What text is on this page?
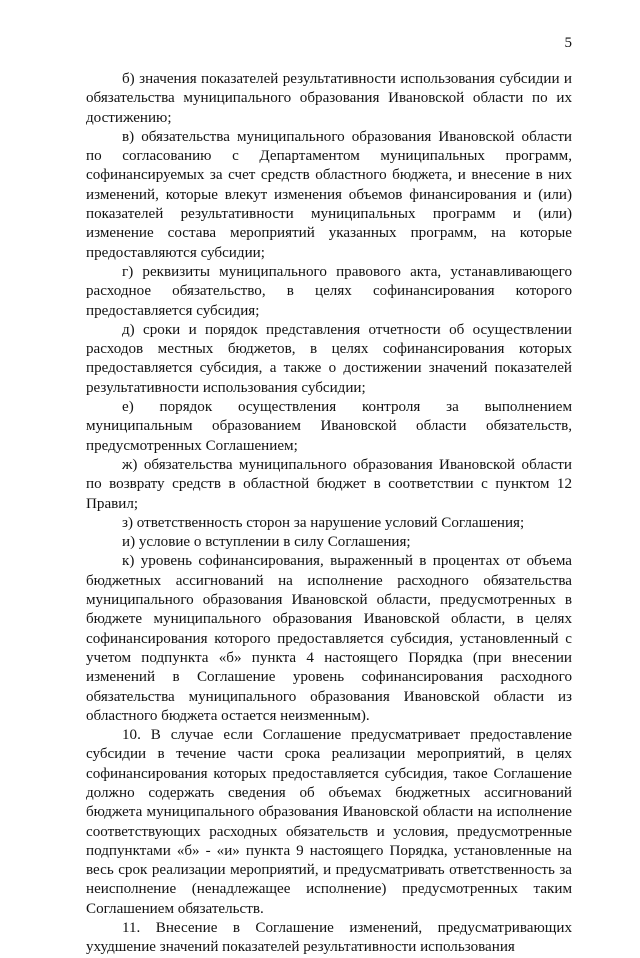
5

б) значения показателей результативности использования субсидии и обязательства муниципального образования Ивановской области по их достижению;

в) обязательства муниципального образования Ивановской области по согласованию с Департаментом муниципальных программ, софинансируемых за счет средств областного бюджета, и внесение в них изменений, которые влекут изменения объемов финансирования и (или) показателей результативности муниципальных программ и (или) изменение состава мероприятий указанных программ, на которые предоставляются субсидии;

г) реквизиты муниципального правового акта, устанавливающего расходное обязательство, в целях софинансирования которого предоставляется субсидия;

д) сроки и порядок представления отчетности об осуществлении расходов местных бюджетов, в целях софинансирования которых предоставляется субсидия, а также о достижении значений показателей результативности использования субсидии;

е) порядок осуществления контроля за выполнением муниципальным образованием Ивановской области обязательств, предусмотренных Соглашением;

ж) обязательства муниципального образования Ивановской области по возврату средств в областной бюджет в соответствии с пунктом 12 Правил;

з) ответственность сторон за нарушение условий Соглашения;

и) условие о вступлении в силу Соглашения;

к) уровень софинансирования, выраженный в процентах от объема бюджетных ассигнований на исполнение расходного обязательства муниципального образования Ивановской области, предусмотренных в бюджете муниципального образования Ивановской области, в целях софинансирования которого предоставляется субсидия, установленный с учетом подпункта «б» пункта 4 настоящего Порядка (при внесении изменений в Соглашение уровень софинансирования расходного обязательства муниципального образования Ивановской области из областного бюджета остается неизменным).

10. В случае если Соглашение предусматривает предоставление субсидии в течение части срока реализации мероприятий, в целях софинансирования которых предоставляется субсидия, такое Соглашение должно содержать сведения об объемах бюджетных ассигнований бюджета муниципального образования Ивановской области на исполнение соответствующих расходных обязательств и условия, предусмотренные подпунктами «б» - «и» пункта 9 настоящего Порядка, установленные на весь срок реализации мероприятий, и предусматривать ответственность за неисполнение (ненадлежащее исполнение) предусмотренных таким Соглашением обязательств.

11. Внесение в Соглашение изменений, предусматривающих ухудшение значений показателей результативности использования
